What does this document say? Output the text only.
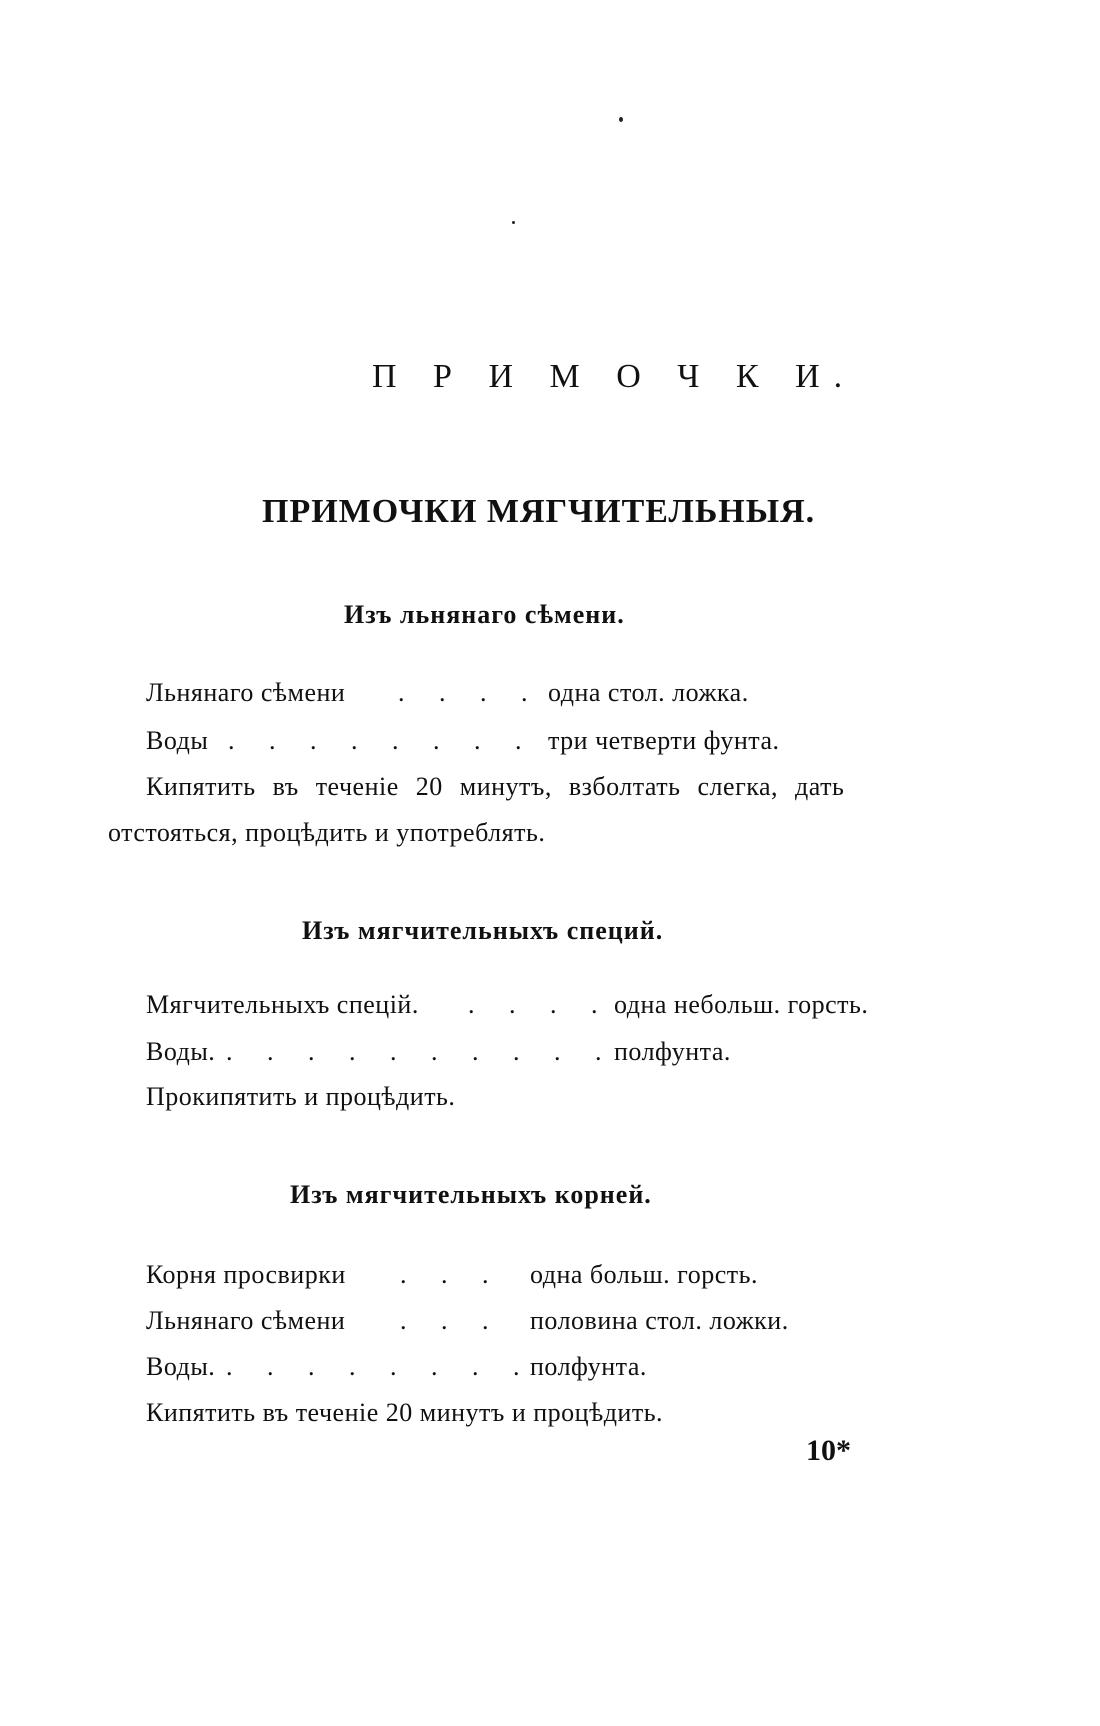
П Р И М О Ч К И.
ПРИМОЧКИ МЯГЧИТЕЛЬНЫЯ.
Изъ льнянаго сѣмени.
Льнянаго сѣмени . . . . одна стол. ложка.
Воды . . . . . . . . три четверти фунта.
Кипятить въ теченіе 20 минутъ, взболтать слегка, дать
отстояться, процѣдить и употреблять.
Изъ мягчительныхъ специй.
Мягчительныхъ спецій. . . . . одна небольш. горсть.
Воды. . . . . . . . . . .
полфунта.
Прокипятить и процѣдить.
Изъ мягчительныхъ корней.
Корня просвирки . . . одна больш. горсть.
Льнянаго сѣмени . . . половина стол. ложки.
Воды. . . . . . . . .
полфунта.
Кипятить въ теченіе 20 минутъ и процѣдить.
10*
